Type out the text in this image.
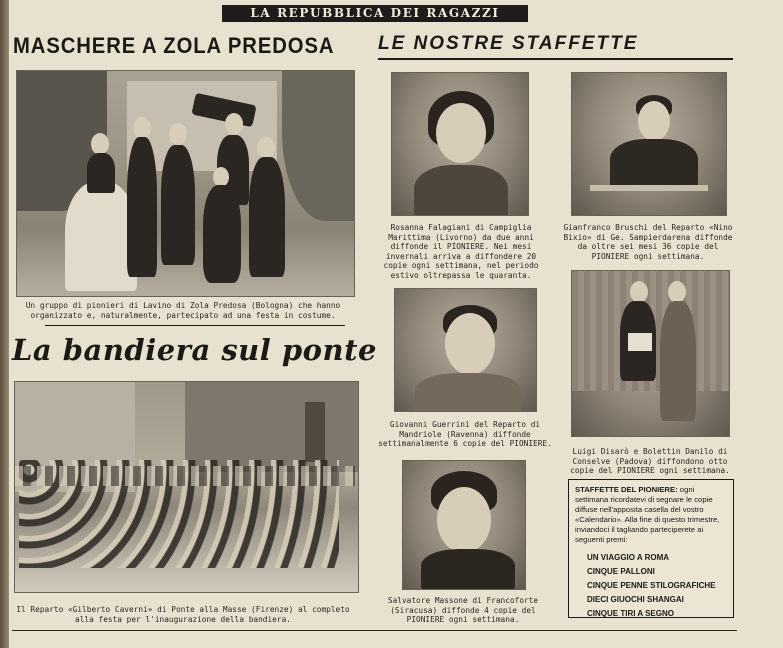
LA REPUBBLICA DEI RAGAZZI
MASCHERE A ZOLA PREDOSA LE NOSTRE STAFFETTE
Un gruppo di pionieri di Lavino di Zola Predosa (Bologna) che hanno organizzato e, naturalmente, partecipato ad una festa in costume.
La bandiera sul ponte
Il Reparto «Gilberto Caverni» di Ponte alla Masse (Firenze) al completo alla festa per l'inaugurazione della bandiera.
Rosanna Falagiani di Campiglia Marittima (Livorno) da due anni diffonde il PIONIERE. Nei mesi invernali arriva a diffondere 20 copie ogni settimana, nel periodo estivo oltrepassa le quaranta.
Gianfranco Bruschi del Reparto «Nino Bixio» di Ge. Sampierdarena diffonde da oltre sei mesi 36 copie del PIONIERE ogni settimana.
Giovanni Guerrini del Reparto di Mandriole (Ravenna) diffonde settimanalmente 6 copie del PIONIERE.
Luigi Disarò e Bolettin Danilo di Conselve (Padova) diffondono otto copie del PIONIERE ogni settimana.
Salvatore Massone di Francoforte (Siracusa) diffonde 4 copie del PIONIERE ogni settimana.
STAFFETTE DEL PIONIERE: ogni settimana ricordatevi di segnare le copie diffuse nell'apposita casella del vostro «Calendario». Alla fine di questo trimestre, inviandoci il tagliando parteciperete ai seguenti premi:
UN VIAGGIO A ROMA
CINQUE PALLONI
CINQUE PENNE STILOGRAFICHE
DIECI GIUOCHI SHANGAI
CINQUE TIRI A SEGNO
